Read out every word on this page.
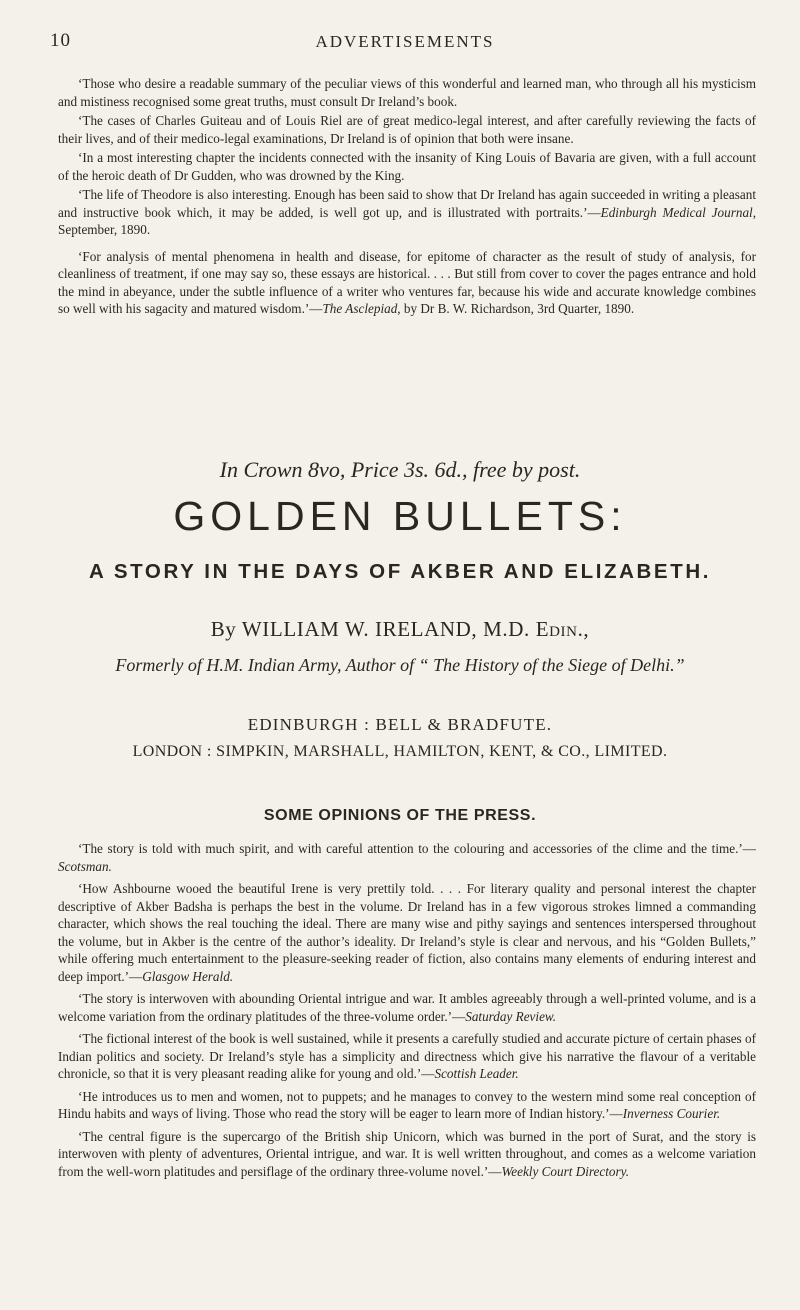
10	ADVERTISEMENTS

‘Those who desire a readable summary of the peculiar views of this wonderful and learned man, who through all his mysticism and mistiness recognised some great truths, must consult Dr Ireland’s book.

‘The cases of Charles Guiteau and of Louis Riel are of great medico-legal interest, and after carefully reviewing the facts of their lives, and of their medico-legal examinations, Dr Ireland is of opinion that both were insane.

‘In a most interesting chapter the incidents connected with the insanity of King Louis of Bavaria are given, with a full account of the heroic death of Dr Gudden, who was drowned by the King.

‘The life of Theodore is also interesting. Enough has been said to show that Dr Ireland has again succeeded in writing a pleasant and instructive book which, it may be added, is well got up, and is illustrated with portraits.’—Edinburgh Medical Journal, September, 1890.

‘For analysis of mental phenomena in health and disease, for epitome of character as the result of study of analysis, for cleanliness of treatment, if one may say so, these essays are historical. . . . But still from cover to cover the pages entrance and hold the mind in abeyance, under the subtle influence of a writer who ventures far, because his wide and accurate knowledge combines so well with his sagacity and matured wisdom.’—The Asclepiad, by Dr B. W. Richardson, 3rd Quarter, 1890.

In Crown 8vo, Price 3s. 6d., free by post.
GOLDEN BULLETS:
A STORY IN THE DAYS OF AKBER AND ELIZABETH.
By WILLIAM W. IRELAND, M.D. Edin.,
Formerly of H.M. Indian Army, Author of “ The History of the Siege of Delhi.”
EDINBURGH : BELL & BRADFUTE.
LONDON : SIMPKIN, MARSHALL, HAMILTON, KENT, & CO., LIMITED.
SOME OPINIONS OF THE PRESS.

‘The story is told with much spirit, and with careful attention to the colouring and accessories of the clime and the time.’—Scotsman.

‘How Ashbourne wooed the beautiful Irene is very prettily told. . . . For literary quality and personal interest the chapter descriptive of Akber Badsha is perhaps the best in the volume. Dr Ireland has in a few vigorous strokes limned a commanding character, which shows the real touching the ideal. There are many wise and pithy sayings and sentences interspersed throughout the volume, but in Akber is the centre of the author’s ideality. Dr Ireland’s style is clear and nervous, and his “Golden Bullets,” while offering much entertainment to the pleasure-seeking reader of fiction, also contains many elements of enduring interest and deep import.’—Glasgow Herald.

‘The story is interwoven with abounding Oriental intrigue and war. It ambles agreeably through a well-printed volume, and is a welcome variation from the ordinary platitudes of the three-volume order.’—Saturday Review.

‘The fictional interest of the book is well sustained, while it presents a carefully studied and accurate picture of certain phases of Indian politics and society. Dr Ireland’s style has a simplicity and directness which give his narrative the flavour of a veritable chronicle, so that it is very pleasant reading alike for young and old.’—Scottish Leader.

‘He introduces us to men and women, not to puppets; and he manages to convey to the western mind some real conception of Hindu habits and ways of living. Those who read the story will be eager to learn more of Indian history.’—Inverness Courier.

‘The central figure is the supercargo of the British ship Unicorn, which was burned in the port of Surat, and the story is interwoven with plenty of adventures, Oriental intrigue, and war. It is well written throughout, and comes as a welcome variation from the well-worn platitudes and persiflage of the ordinary three-volume novel.’—Weekly Court Directory.
